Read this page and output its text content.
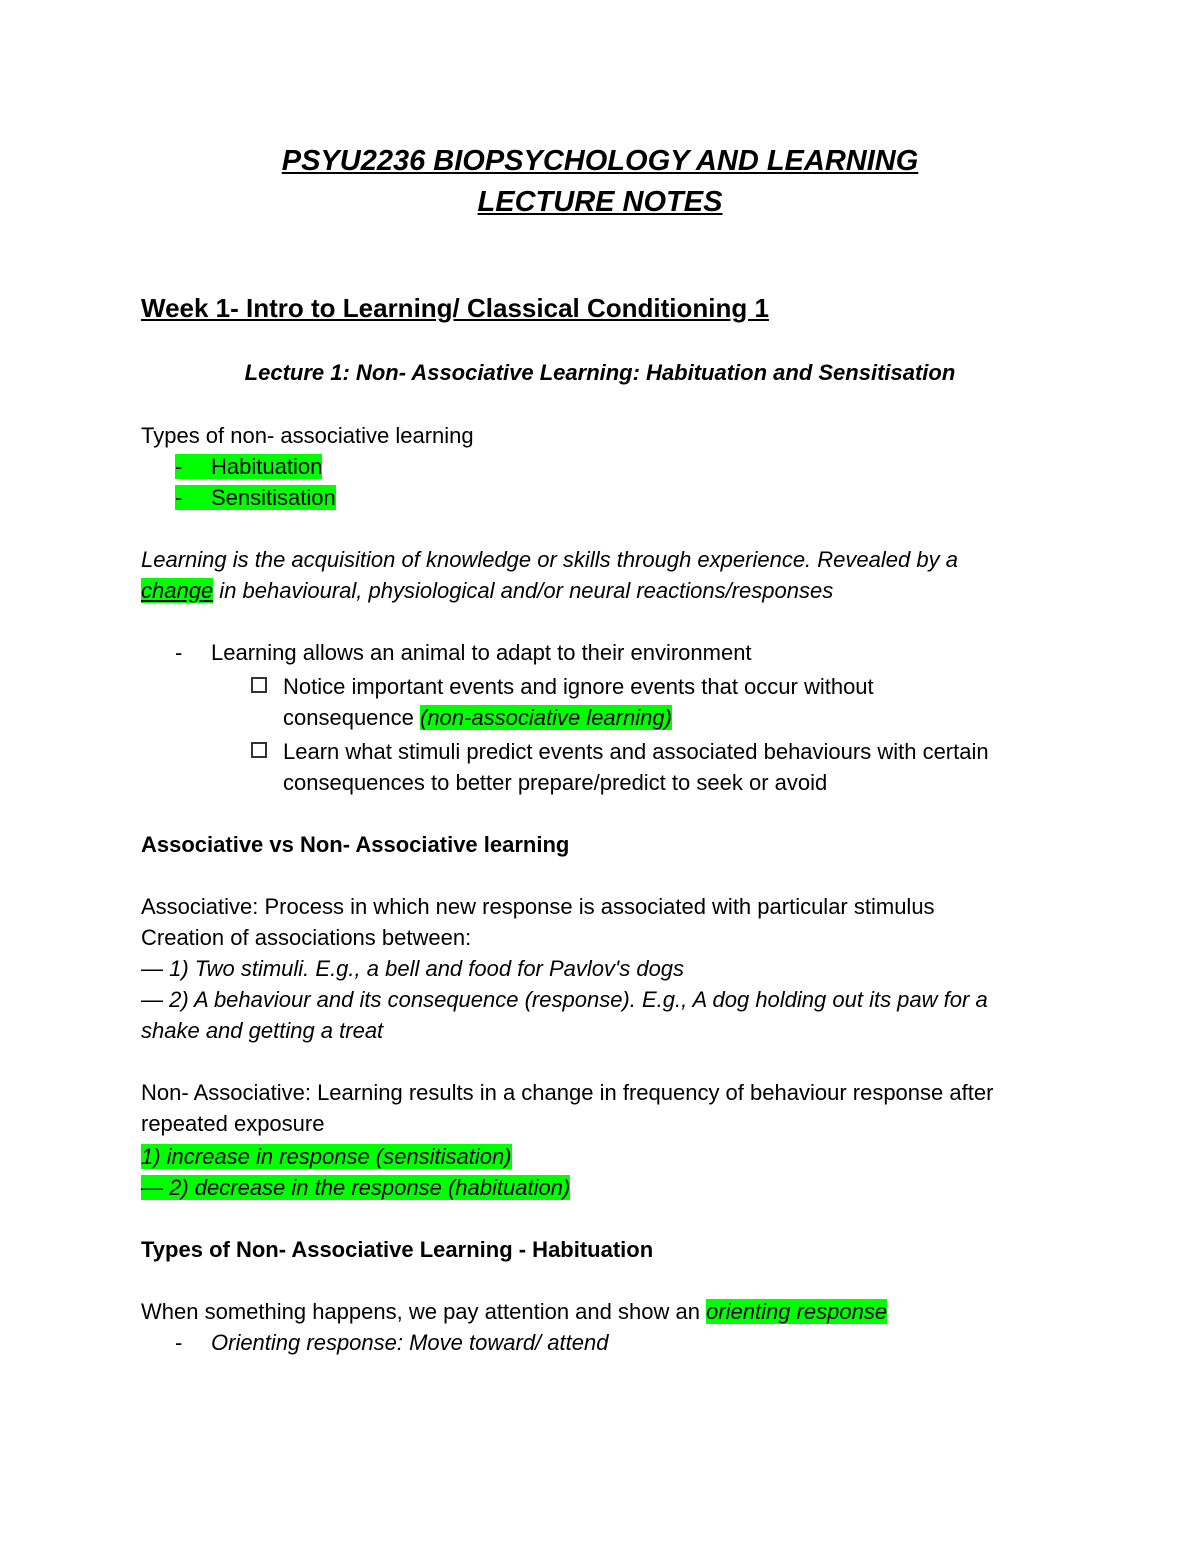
PSYU2236 BIOPSYCHOLOGY AND LEARNING
LECTURE NOTES
Week 1- Intro to Learning/ Classical Conditioning 1
Lecture 1: Non- Associative Learning: Habituation and Sensitisation
Types of non- associative learning
- Habituation
- Sensitisation
Learning is the acquisition of knowledge or skills through experience. Revealed by a
change in behavioural, physiological and/or neural reactions/responses
- Learning allows an animal to adapt to their environment
Notice important events and ignore events that occur without
consequence (non-associative learning)
Learn what stimuli predict events and associated behaviours with certain
consequences to better prepare/predict to seek or avoid
Associative vs Non- Associative learning
Associative: Process in which new response is associated with particular stimulus
Creation of associations between:
— 1) Two stimuli. E.g., a bell and food for Pavlov's dogs
— 2) A behaviour and its consequence (response). E.g., A dog holding out its paw for a
shake and getting a treat
Non- Associative: Learning results in a change in frequency of behaviour response after
repeated exposure
1) increase in response (sensitisation)
— 2) decrease in the response (habituation)
Types of Non- Associative Learning - Habituation
When something happens, we pay attention and show an orienting response
- Orienting response: Move toward/ attend
